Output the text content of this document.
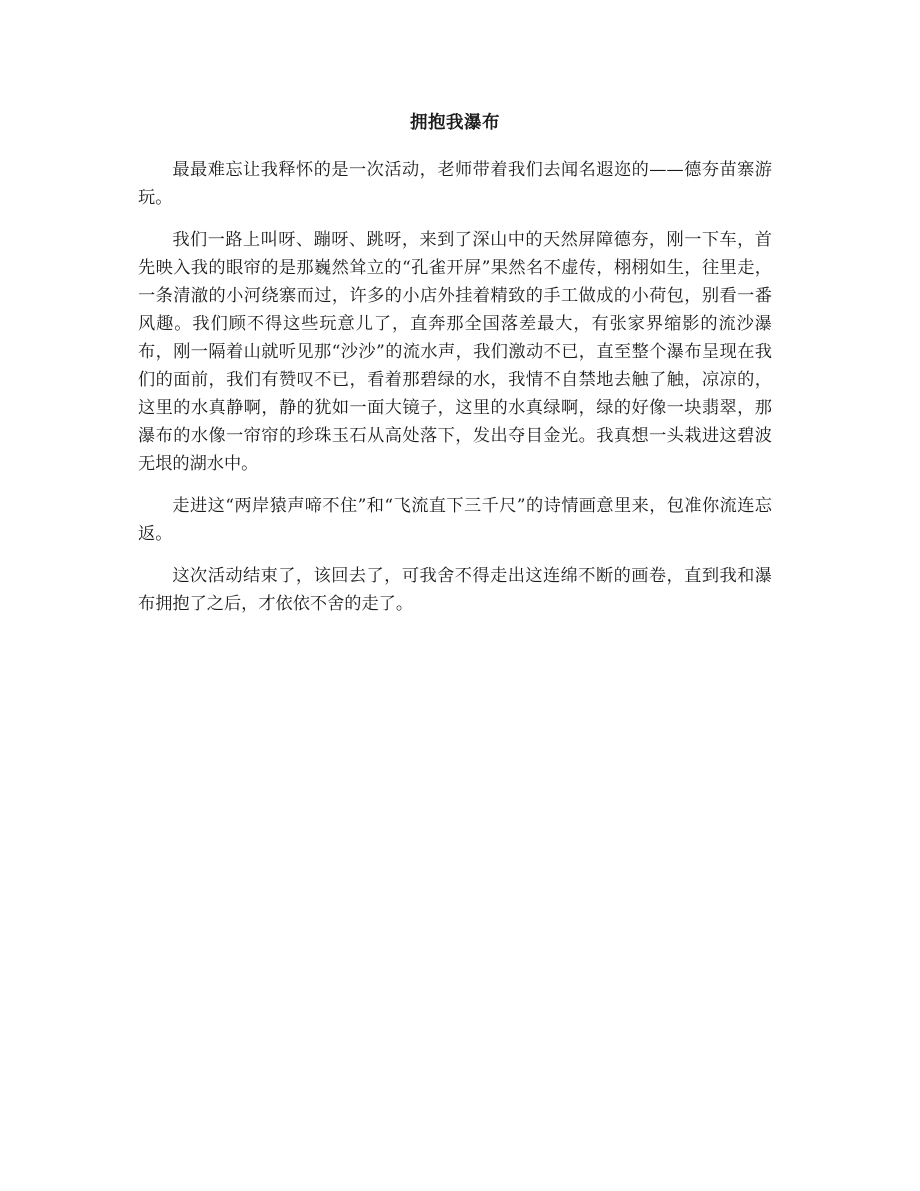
拥抱我瀑布

最最难忘让我释怀的是一次活动，老师带着我们去闻名遐迩的——德夯苗寨游玩。

我们一路上叫呀、蹦呀、跳呀，来到了深山中的天然屏障德夯，刚一下车，首先映入我的眼帘的是那巍然耸立的“孔雀开屏”果然名不虚传，栩栩如生，往里走，一条清澈的小河绕寨而过，许多的小店外挂着精致的手工做成的小荷包，别看一番风趣。我们顾不得这些玩意儿了，直奔那全国落差最大，有张家界缩影的流沙瀑布，刚一隔着山就听见那“沙沙”的流水声，我们激动不已，直至整个瀑布呈现在我们的面前，我们有赞叹不已，看着那碧绿的水，我情不自禁地去触了触，凉凉的，这里的水真静啊，静的犹如一面大镜子，这里的水真绿啊，绿的好像一块翡翠，那瀑布的水像一帘帘的珍珠玉石从高处落下，发出夺目金光。我真想一头栽进这碧波无垠的湖水中。

走进这“两岸猿声啼不住”和“飞流直下三千尺”的诗情画意里来，包准你流连忘返。

这次活动结束了，该回去了，可我舍不得走出这连绵不断的画卷，直到我和瀑布拥抱了之后，才依依不舍的走了。
